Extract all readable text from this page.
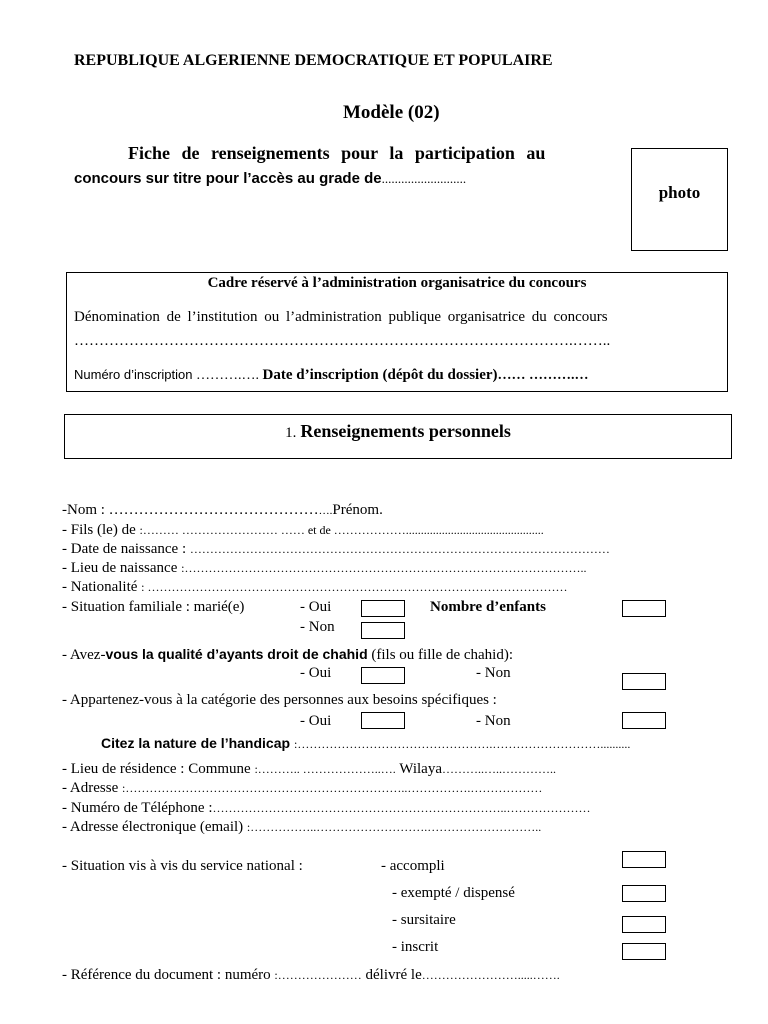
REPUBLIQUE ALGERIENNE DEMOCRATIQUE ET POPULAIRE
Modèle (02)
Fiche de renseignements pour la participation au
concours sur titre pour l’accès au grade de..........................
photo
Cadre réservé à l’administration organisatrice du concours
Dénomination de l’institution ou l’administration publique organisatrice du concours
……………………………………………………………………………………….……..
Numéro d’inscription ……….…. Date d’inscription (dépôt du dossier)…… ……….…
1. Renseignements personnels
-Nom : ……………………………………….Prénom.
- Fils (le) de :……… …………………… …… et de ………………..............................................
- Date de naissance : ……………………………………………………………………………………………
- Lieu de naissance :………………………………………………………………………………………..
- Nationalité : ……………………………………………………………………………………………
- Situation familiale : marié(e)	- Oui	Nombre d’enfants
- Non
- Avez-vous la qualité d’ayants droit de chahid (fils ou fille de chahid):
- Oui	- Non
- Appartenez-vous à la catégorie des personnes aux besoins spécifiques :
- Oui	- Non
Citez la nature de l’handicap :………………………………………….………………………..........
- Lieu de résidence : Commune :……….. ………………..…. Wilaya………..…..…………..
- Adresse :……………………………………………………………..…………….………………
- Numéro de Téléphone :………………………………………………………………..…………………
- Adresse électronique (email) :……………..……………………….………………………..
- Situation vis à vis du service national :	- accompli
- exempté / dispensé
- sursitaire
- inscrit
- Référence du document : numéro :………………… délivré le…………………….....…….
